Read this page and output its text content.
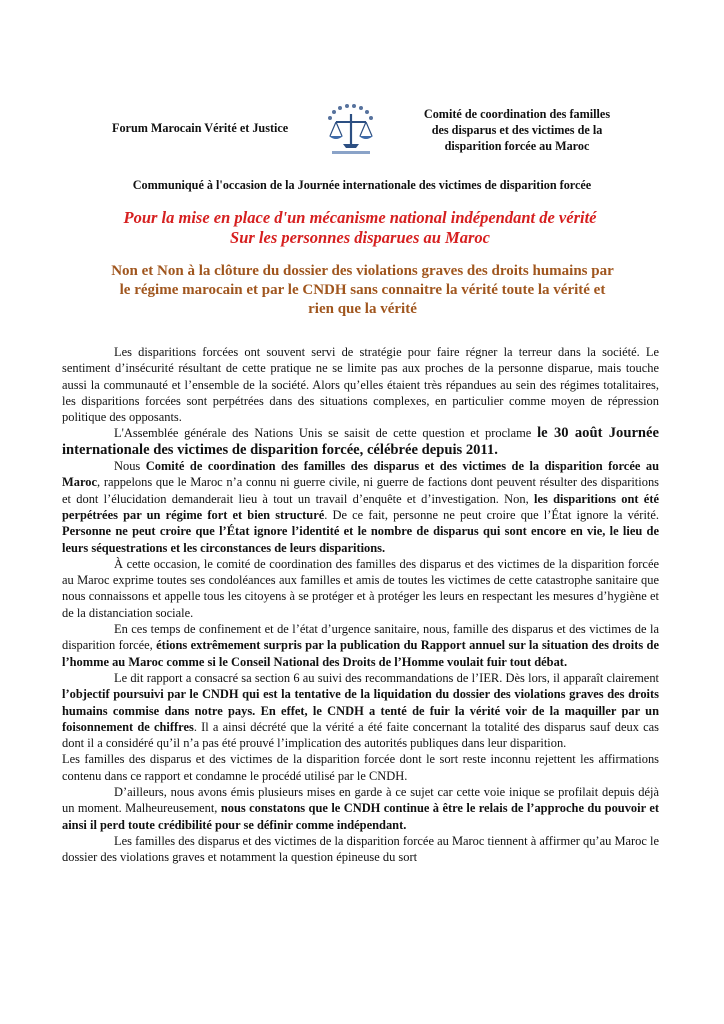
Forum Marocain Vérité et Justice
Comité de coordination des familles
des disparus et des victimes de la
disparition forcée au Maroc
Communiqué à l'occasion de la Journée internationale des victimes de disparition forcée
Pour la mise en place d'un mécanisme national indépendant de vérité
Sur les personnes disparues au Maroc
Non et Non à la clôture du dossier des violations graves des droits humains par
le régime marocain et par le CNDH sans connaitre la vérité toute la vérité et
rien que la vérité

Les disparitions forcées ont souvent servi de stratégie pour faire régner la terreur dans la société. Le sentiment d’insécurité résultant de cette pratique ne se limite pas aux proches de la personne disparue, mais touche aussi la communauté et l’ensemble de la société. Alors qu’elles étaient très répandues au sein des régimes totalitaires, les disparitions forcées sont perpétrées dans des situations complexes, en particulier comme moyen de répression politique des opposants.

L'Assemblée générale des Nations Unis se saisit de cette question et proclame le 30 août Journée internationale des victimes de disparition forcée, célébrée depuis 2011.

Nous Comité de coordination des familles des disparus et des victimes de la disparition forcée au Maroc, rappelons que le Maroc n’a connu ni guerre civile, ni guerre de factions dont peuvent résulter des disparitions et dont l’élucidation demanderait lieu à tout un travail d’enquête et d’investigation. Non, les disparitions ont été perpétrées par un régime fort et bien structuré. De ce fait, personne ne peut croire que l’État ignore la vérité. Personne ne peut croire que l’État ignore l’identité et le nombre de disparus qui sont encore en vie, le lieu de leurs séquestrations et les circonstances de leurs disparitions.

À cette occasion, le comité de coordination des familles des disparus et des victimes de la disparition forcée au Maroc exprime toutes ses condoléances aux familles et amis de toutes les victimes de cette catastrophe sanitaire que nous connaissons et appelle tous les citoyens à se protéger et à protéger les leurs en respectant les mesures d’hygiène et de la distanciation sociale.

En ces temps de confinement et de l’état d’urgence sanitaire, nous, famille des disparus et des victimes de la disparition forcée, étions extrêmement surpris par la publication du Rapport annuel sur la situation des droits de l’homme au Maroc comme si le Conseil National des Droits de l’Homme voulait fuir tout débat.

Le dit rapport a consacré sa section 6 au suivi des recommandations de l’IER. Dès lors, il apparaît clairement l’objectif poursuivi par le CNDH qui est la tentative de la liquidation du dossier des violations graves des droits humains commise dans notre pays. En effet, le CNDH a tenté de fuir la vérité voir de la maquiller par un foisonnement de chiffres. Il a ainsi décrété que la vérité a été faite concernant la totalité des disparus sauf deux cas dont il a considéré qu’il n’a pas été prouvé l’implication des autorités publiques dans leur disparition.

Les familles des disparus et des victimes de la disparition forcée dont le sort reste inconnu rejettent les affirmations contenu dans ce rapport et condamne le procédé utilisé par le CNDH.

D’ailleurs, nous avons émis plusieurs mises en garde à ce sujet car cette voie inique se profilait depuis déjà un moment. Malheureusement, nous constatons que le CNDH continue à être le relais de l’approche du pouvoir et ainsi il perd toute crédibilité pour se définir comme indépendant.

Les familles des disparus et des victimes de la disparition forcée au Maroc tiennent à affirmer qu’au Maroc le dossier des violations graves et notamment la question épineuse du sort
